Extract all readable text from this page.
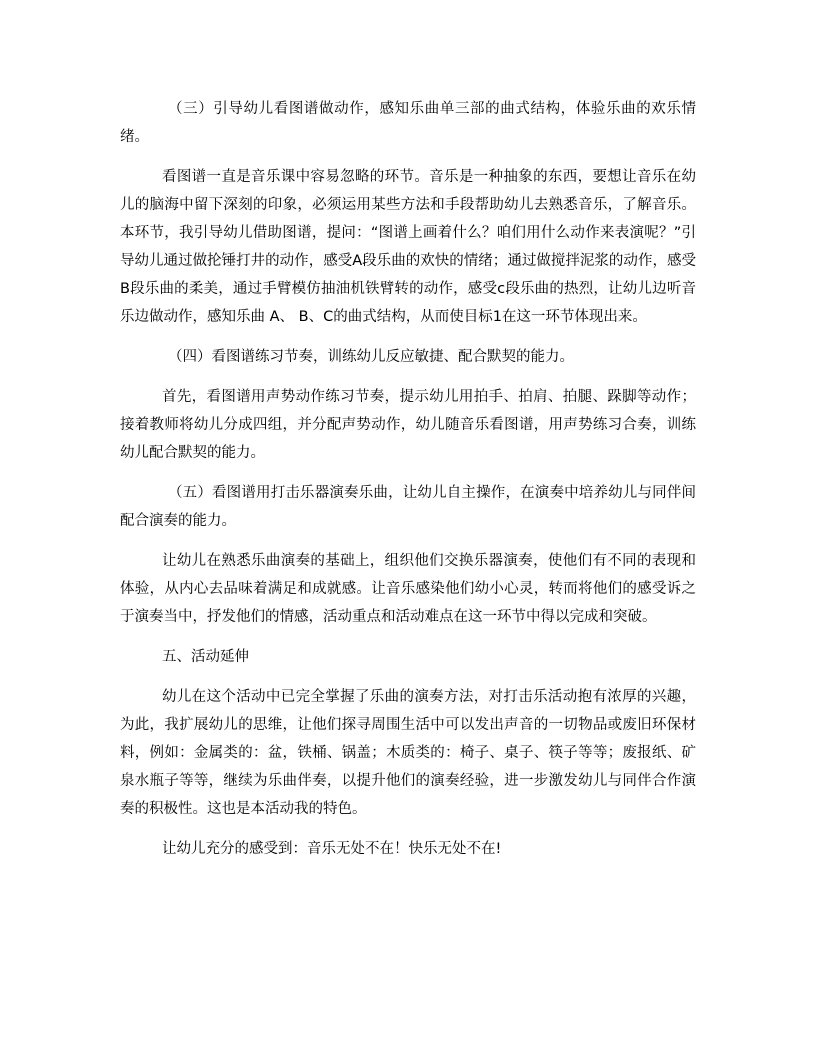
（三）引导幼儿看图谱做动作，感知乐曲单三部的曲式结构，体验乐曲的欢乐情绪。

看图谱一直是音乐课中容易忽略的环节。音乐是一种抽象的东西，要想让音乐在幼儿的脑海中留下深刻的印象，必须运用某些方法和手段帮助幼儿去熟悉音乐，了解音乐。本环节，我引导幼儿借助图谱，提问：“图谱上画着什么？咱们用什么动作来表演呢？”引导幼儿通过做抡锤打井的动作，感受A段乐曲的欢快的情绪；通过做搅拌泥浆的动作，感受B段乐曲的柔美，通过手臂模仿抽油机铁臂转的动作，感受c段乐曲的热烈，让幼儿边听音乐边做动作，感知乐曲 A、 B、C的曲式结构，从而使目标1在这一环节体现出来。

（四）看图谱练习节奏，训练幼儿反应敏捷、配合默契的能力。

首先，看图谱用声势动作练习节奏，提示幼儿用拍手、拍肩、拍腿、跺脚等动作；接着教师将幼儿分成四组，并分配声势动作，幼儿随音乐看图谱，用声势练习合奏，训练幼儿配合默契的能力。

（五）看图谱用打击乐器演奏乐曲，让幼儿自主操作，在演奏中培养幼儿与同伴间配合演奏的能力。

让幼儿在熟悉乐曲演奏的基础上，组织他们交换乐器演奏，使他们有不同的表现和体验，从内心去品味着满足和成就感。让音乐感染他们幼小心灵，转而将他们的感受诉之于演奏当中，抒发他们的情感，活动重点和活动难点在这一环节中得以完成和突破。

五、活动延伸

幼儿在这个活动中已完全掌握了乐曲的演奏方法，对打击乐活动抱有浓厚的兴趣，为此，我扩展幼儿的思维，让他们探寻周围生活中可以发出声音的一切物品或废旧环保材料，例如：金属类的：盆，铁桶、锅盖；木质类的：椅子、桌子、筷子等等；废报纸、矿泉水瓶子等等，继续为乐曲伴奏，以提升他们的演奏经验，进一步激发幼儿与同伴合作演奏的积极性。这也是本活动我的特色。

让幼儿充分的感受到：音乐无处不在！快乐无处不在!
